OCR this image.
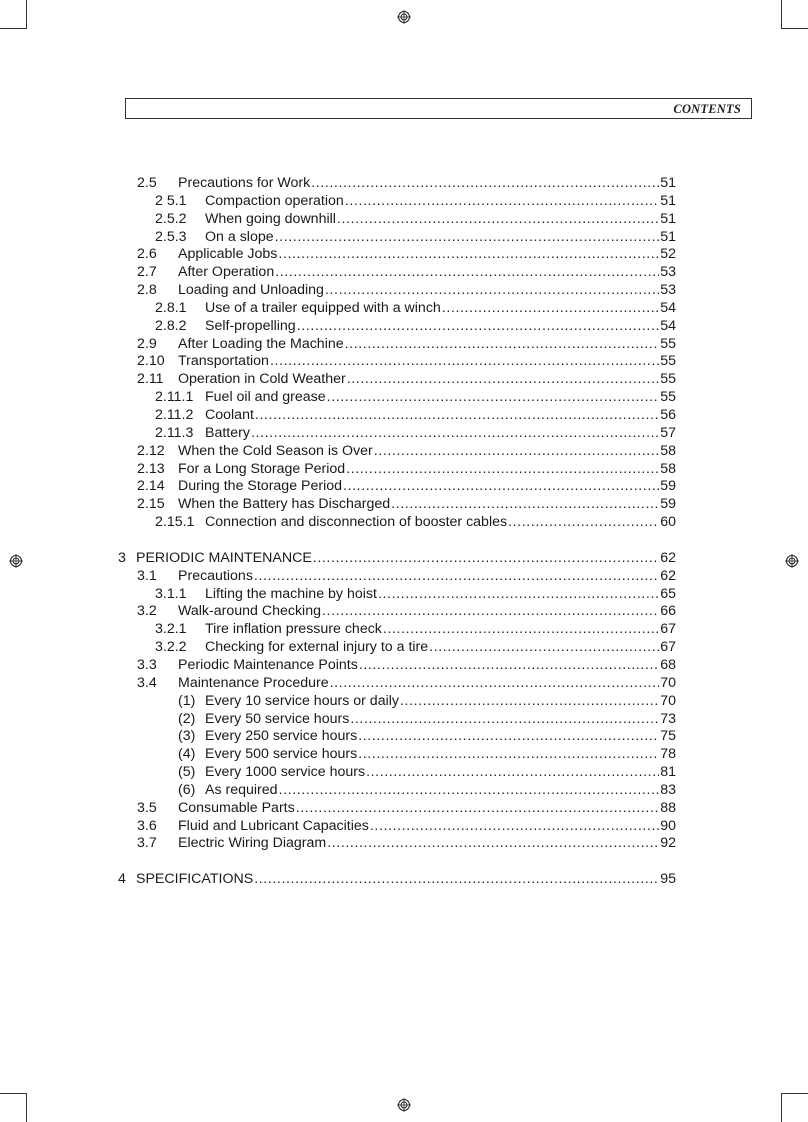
CONTENTS
2.5	Precautions for Work .....	51
2 5.1	Compaction operation .....	51
2.5.2	When going downhill .....	51
2.5.3	On a slope .....	51
2.6	Applicable Jobs .....	52
2.7	After Operation .....	53
2.8	Loading and Unloading .....	53
2.8.1	Use of a trailer equipped with a winch .....	54
2.8.2	Self-propelling .....	54
2.9	After Loading the Machine .....	55
2.10 Transportation .....	55
2.11	Operation in Cold Weather .....	55
2.11.1 Fuel oil and grease .....	55
2.11.2 Coolant .....	56
2.11.3 Battery .....	57
2.12 When the Cold Season is Over .....	58
2.13 For a Long Storage Period .....	58
2.14 During the Storage Period .....	59
2.15 When the Battery has Discharged .....	59
2.15.1 Connection and disconnection of booster cables .....	60
3 PERIODIC MAINTENANCE .....	62
3.1	Precautions .....	62
3.1.1	Lifting the machine by hoist .....	65
3.2	Walk-around Checking .....	66
3.2.1	Tire inflation pressure check .....	67
3.2.2	Checking for external injury to a tire .....	67
3.3	Periodic Maintenance Points .....	68
3.4	Maintenance Procedure .....	70
(1) Every 10 service hours or daily .....	70
(2) Every 50 service hours .....	73
(3) Every 250 service hours .....	75
(4) Every 500 service hours .....	78
(5) Every 1000 service hours .....	81
(6) As required .....	83
3.5	Consumable Parts .....	88
3.6	Fluid and Lubricant Capacities .....	90
3.7	Electric Wiring Diagram .....	92
4 SPECIFICATIONS .....	95
